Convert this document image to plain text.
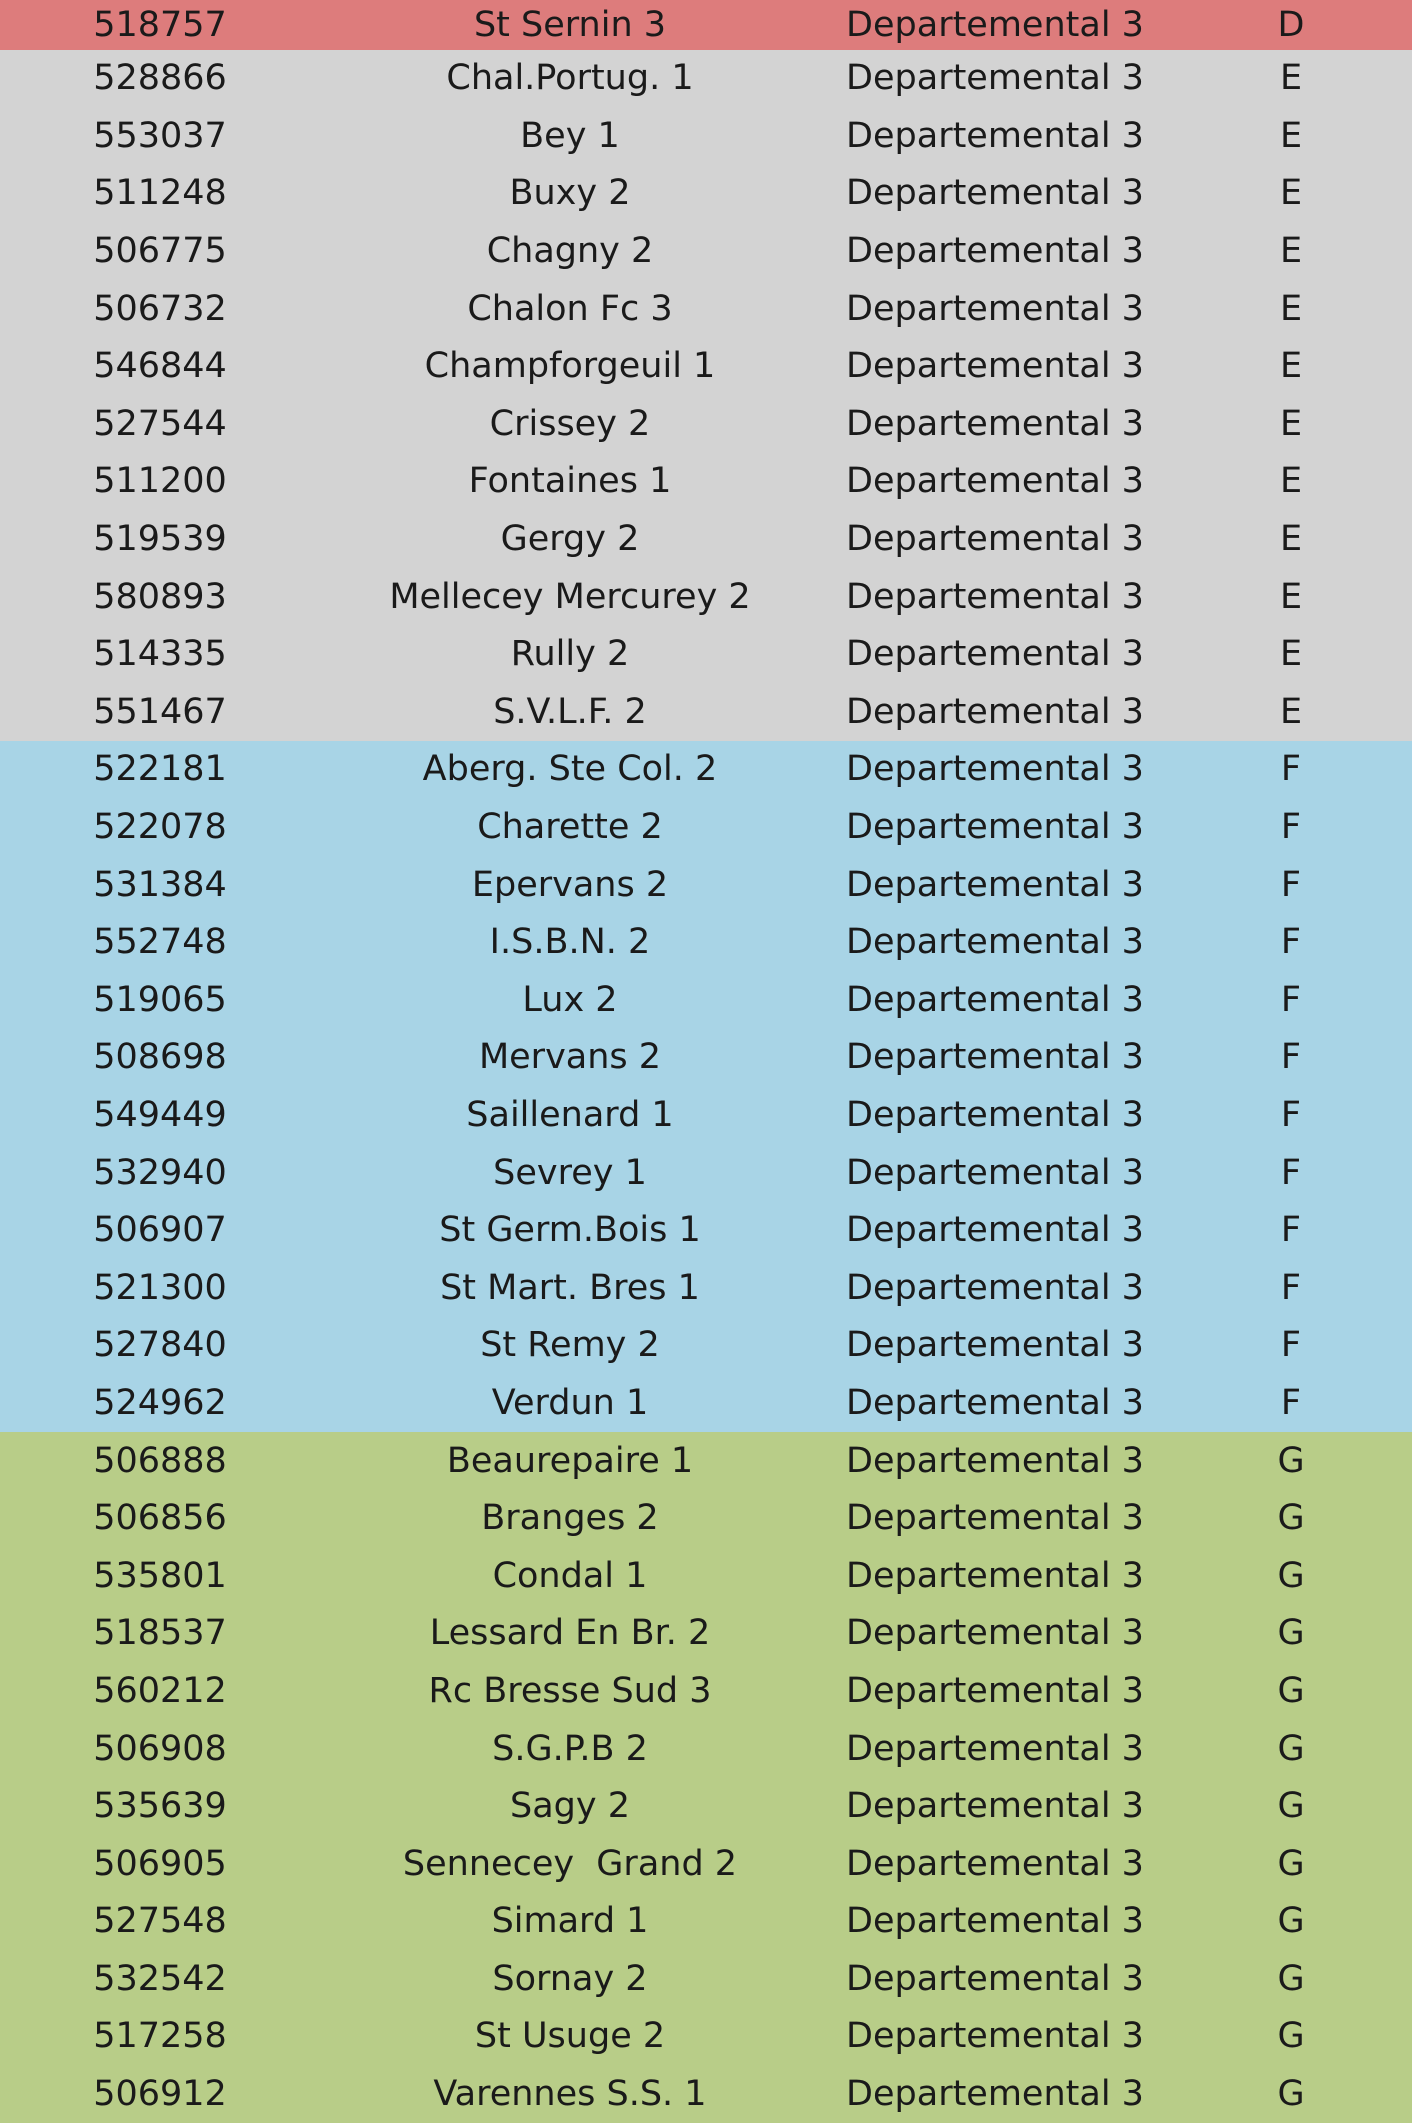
518757	St Sernin 3	Departemental 3	D
528866	Chal.Portug. 1	Departemental 3	E
553037	Bey 1	Departemental 3	E
511248	Buxy 2	Departemental 3	E
506775	Chagny 2	Departemental 3	E
506732	Chalon Fc 3	Departemental 3	E
546844	Champforgeuil 1	Departemental 3	E
527544	Crissey 2	Departemental 3	E
511200	Fontaines 1	Departemental 3	E
519539	Gergy 2	Departemental 3	E
580893	Mellecey Mercurey 2	Departemental 3	E
514335	Rully 2	Departemental 3	E
551467	S.V.L.F. 2	Departemental 3	E
522181	Aberg. Ste Col. 2	Departemental 3	F
522078	Charette 2	Departemental 3	F
531384	Epervans 2	Departemental 3	F
552748	I.S.B.N. 2	Departemental 3	F
519065	Lux 2	Departemental 3	F
508698	Mervans 2	Departemental 3	F
549449	Saillenard 1	Departemental 3	F
532940	Sevrey 1	Departemental 3	F
506907	St Germ.Bois 1	Departemental 3	F
521300	St Mart. Bres 1	Departemental 3	F
527840	St Remy 2	Departemental 3	F
524962	Verdun 1	Departemental 3	F
506888	Beaurepaire 1	Departemental 3	G
506856	Branges 2	Departemental 3	G
535801	Condal 1	Departemental 3	G
518537	Lessard En Br. 2	Departemental 3	G
560212	Rc Bresse Sud 3	Departemental 3	G
506908	S.G.P.B 2	Departemental 3	G
535639	Sagy 2	Departemental 3	G
506905	Sennecey  Grand 2	Departemental 3	G
527548	Simard 1	Departemental 3	G
532542	Sornay 2	Departemental 3	G
517258	St Usuge 2	Departemental 3	G
506912	Varennes S.S. 1	Departemental 3	G
